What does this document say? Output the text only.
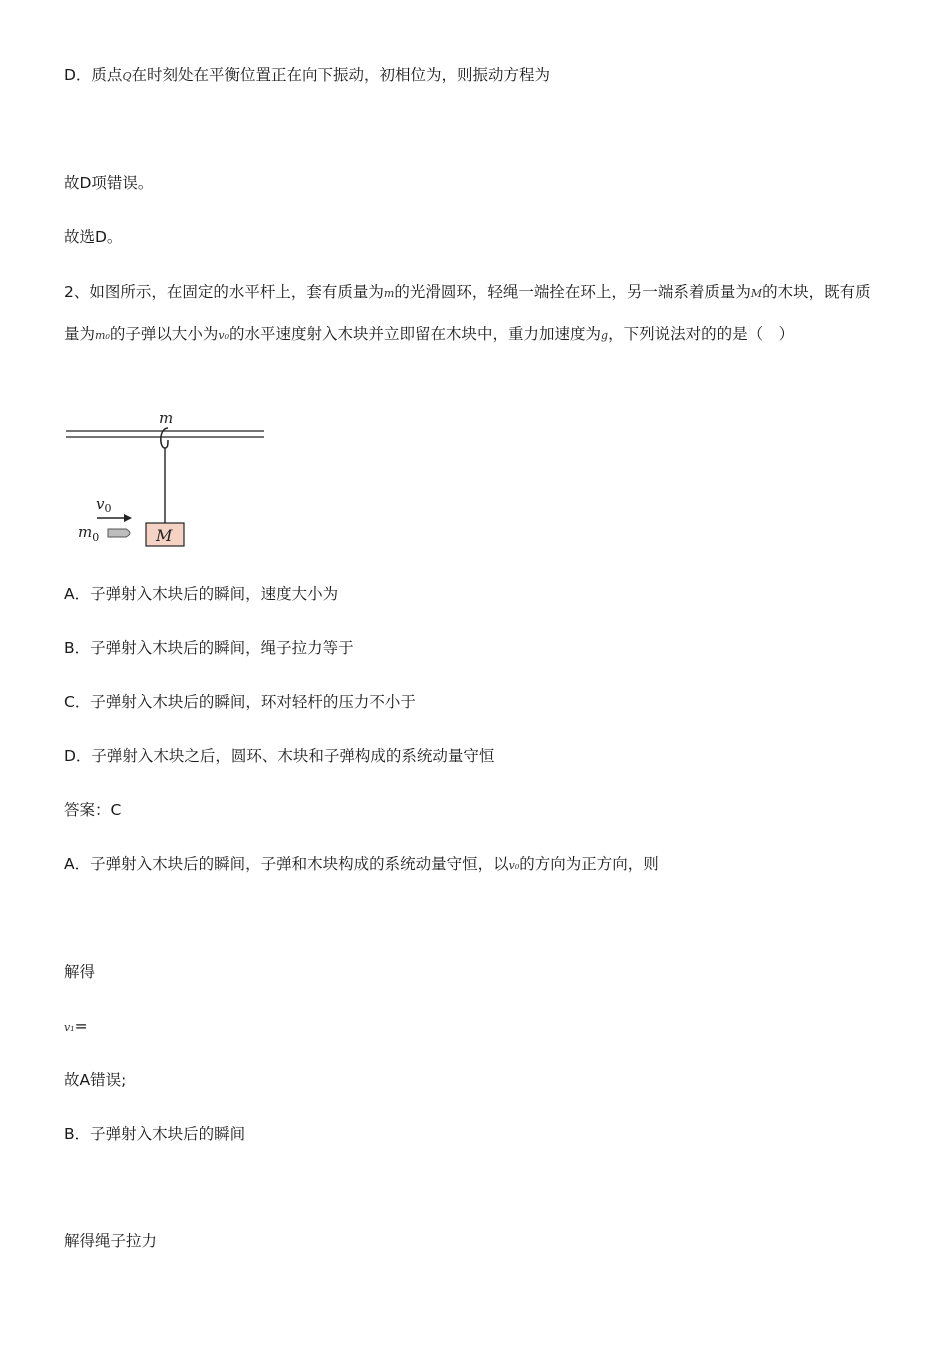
D．质点Q在时刻处在平衡位置正在向下振动，初相位为，则振动方程为
故D项错误。
故选D。
2、如图所示，在固定的水平杆上，套有质量为m的光滑圆环，轻绳一端拴在环上，另一端系着质量为M的木块，既有质量为m₀的子弹以大小为v₀的水平速度射入木块并立即留在木块中，重力加速度为g，下列说法对的的是（　）
m
M
$v_0$
$m_0$
A．子弹射入木块后的瞬间，速度大小为
B．子弹射入木块后的瞬间，绳子拉力等于
C．子弹射入木块后的瞬间，环对轻杆的压力不小于
D．子弹射入木块之后，圆环、木块和子弹构成的系统动量守恒
答案：C
A．子弹射入木块后的瞬间，子弹和木块构成的系统动量守恒，以v₀的方向为正方向，则
解得
v₁=
故A错误;
B．子弹射入木块后的瞬间
解得绳子拉力
